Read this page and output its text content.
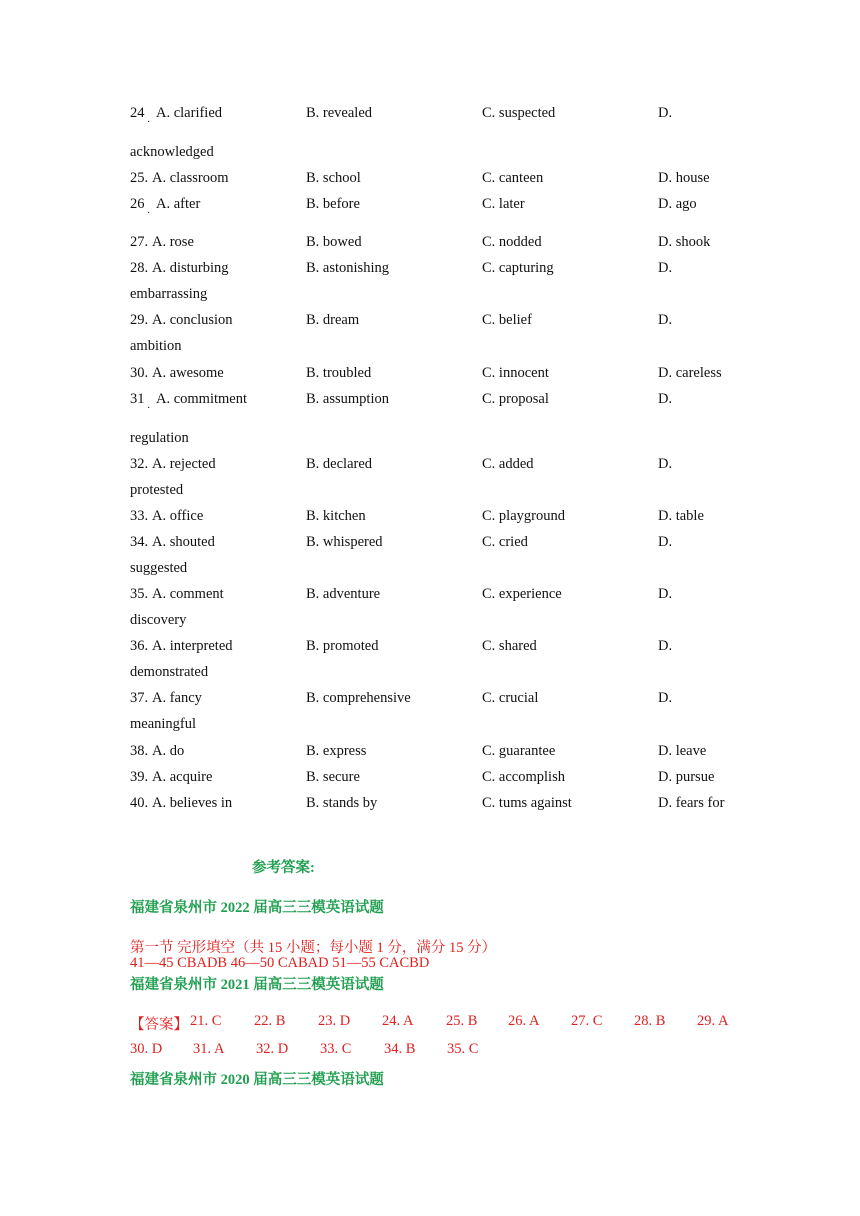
24 A. clarified	B. revealed	C. suspected	D.
·
acknowledged
25. A. classroom	B. school	C. canteen	D. house
26 A. after	B. before	C. later	D. ago
·
27. A. rose	B. bowed	C. nodded	D. shook
28. A. disturbing	B. astonishing	C. capturing	D.
embarrassing
29. A. conclusion	B. dream	C. belief	D.
ambition
30. A. awesome	B. troubled	C. innocent	D. careless
31 A. commitment	B. assumption	C. proposal	D.
·
regulation
32. A. rejected	B. declared	C. added	D.
protested
33. A. office	B. kitchen	C. playground	D. table
34. A. shouted	B. whispered	C. cried	D.
suggested
35. A. comment	B. adventure	C. experience	D.
discovery
36. A. interpreted	B. promoted	C. shared	D.
demonstrated
37. A. fancy	B. comprehensive	C. crucial	D.
meaningful
38. A. do	B. express	C. guarantee	D. leave
39. A. acquire	B. secure	C. accomplish	D. pursue
40. A. believes in	B. stands by	C. tums against	D. fears for
参考答案:
福建省泉州市 2022 届高三三模英语试题
第一节 完形填空（共 15 小题；每小题 1 分，满分 15 分）
41—45 CBADB 46—50 CABAD 51—55 CACBD
福建省泉州市 2021 届高三三模英语试题
【答案】 21. C 22. B 23. D 24. A 25. B 26. A 27. C 28. B 29. A
30. D 31. A 32. D 33. C 34. B 35. C
福建省泉州市 2020 届高三三模英语试题
